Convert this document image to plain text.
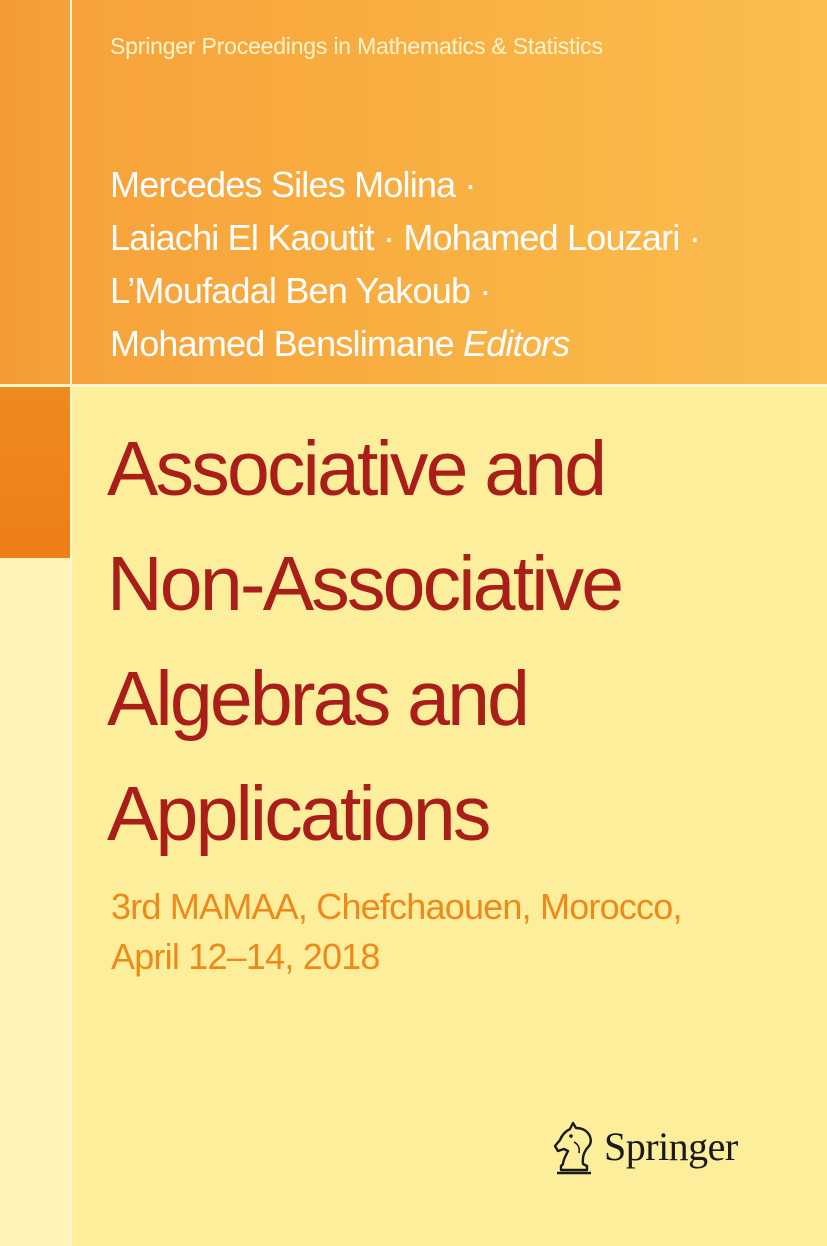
Springer Proceedings in Mathematics & Statistics

Mercedes Siles Molina ·
Laiachi El Kaoutit · Mohamed Louzari ·
L’Moufadal Ben Yakoub ·
Mohamed Benslimane Editors
Associative and
Non-Associative
Algebras and
Applications
3rd MAMAA, Chefchaouen, Morocco,
April 12–14, 2018
Springer
